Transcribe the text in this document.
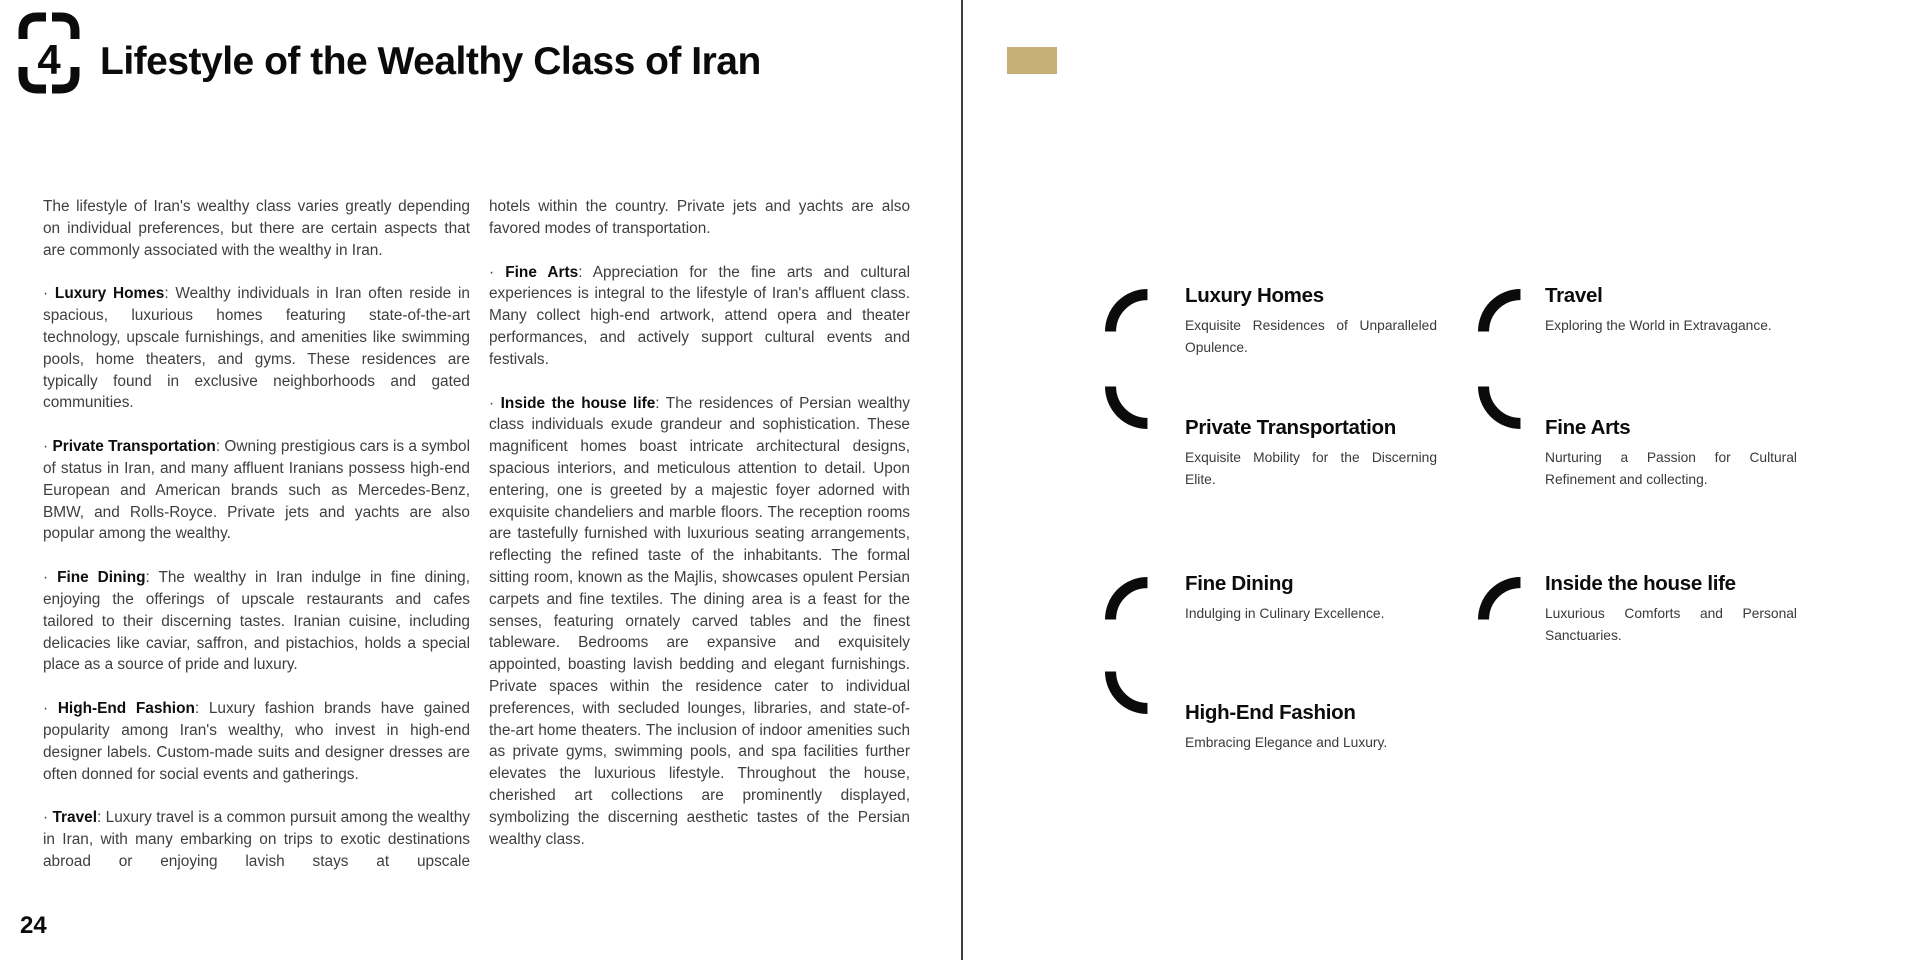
4 Lifestyle of the Wealthy Class of Iran

The lifestyle of Iran's wealthy class varies greatly depending on individual preferences, but there are certain aspects that are commonly associated with the wealthy in Iran.

· Luxury Homes: Wealthy individuals in Iran often reside in spacious, luxurious homes featuring state-of-the-art technology, upscale furnishings, and amenities like swimming pools, home theaters, and gyms. These residences are typically found in exclusive neighborhoods and gated communities.

· Private Transportation: Owning prestigious cars is a symbol of status in Iran, and many affluent Iranians possess high-end European and American brands such as Mercedes-Benz, BMW, and Rolls-Royce. Private jets and yachts are also popular among the wealthy.

· Fine Dining: The wealthy in Iran indulge in fine dining, enjoying the offerings of upscale restaurants and cafes tailored to their discerning tastes. Iranian cuisine, including delicacies like caviar, saffron, and pistachios, holds a special place as a source of pride and luxury.

· High-End Fashion: Luxury fashion brands have gained popularity among Iran's wealthy, who invest in high-end designer labels. Custom-made suits and designer dresses are often donned for social events and gatherings.

· Travel: Luxury travel is a common pursuit among the wealthy in Iran, with many embarking on trips to exotic destinations abroad or enjoying lavish stays at upscale

hotels within the country. Private jets and yachts are also favored modes of transportation.

· Fine Arts: Appreciation for the fine arts and cultural experiences is integral to the lifestyle of Iran's affluent class. Many collect high-end artwork, attend opera and theater performances, and actively support cultural events and festivals.

· Inside the house life: The residences of Persian wealthy class individuals exude grandeur and sophistication. These magnificent homes boast intricate architectural designs, spacious interiors, and meticulous attention to detail. Upon entering, one is greeted by a majestic foyer adorned with exquisite chandeliers and marble floors. The reception rooms are tastefully furnished with luxurious seating arrangements, reflecting the refined taste of the inhabitants. The formal sitting room, known as the Majlis, showcases opulent Persian carpets and fine textiles. The dining area is a feast for the senses, featuring ornately carved tables and the finest tableware. Bedrooms are expansive and exquisitely appointed, boasting lavish bedding and elegant furnishings. Private spaces within the residence cater to individual preferences, with secluded lounges, libraries, and state-of-the-art home theaters. The inclusion of indoor amenities such as private gyms, swimming pools, and spa facilities further elevates the luxurious lifestyle. Throughout the house, cherished art collections are prominently displayed, symbolizing the discerning aesthetic tastes of the Persian wealthy class.

24
Luxury Homes

Exquisite Residences of Unparalleled Opulence.

Travel

Exploring the World in Extravagance.

Private Transportation

Exquisite Mobility for the Discerning Elite.

Fine Arts

Nurturing a Passion for Cultural Refinement and collecting.

Fine Dining

Indulging in Culinary Excellence.

Inside the house life

Luxurious Comforts and Personal Sanctuaries.

High-End Fashion

Embracing Elegance and Luxury.
